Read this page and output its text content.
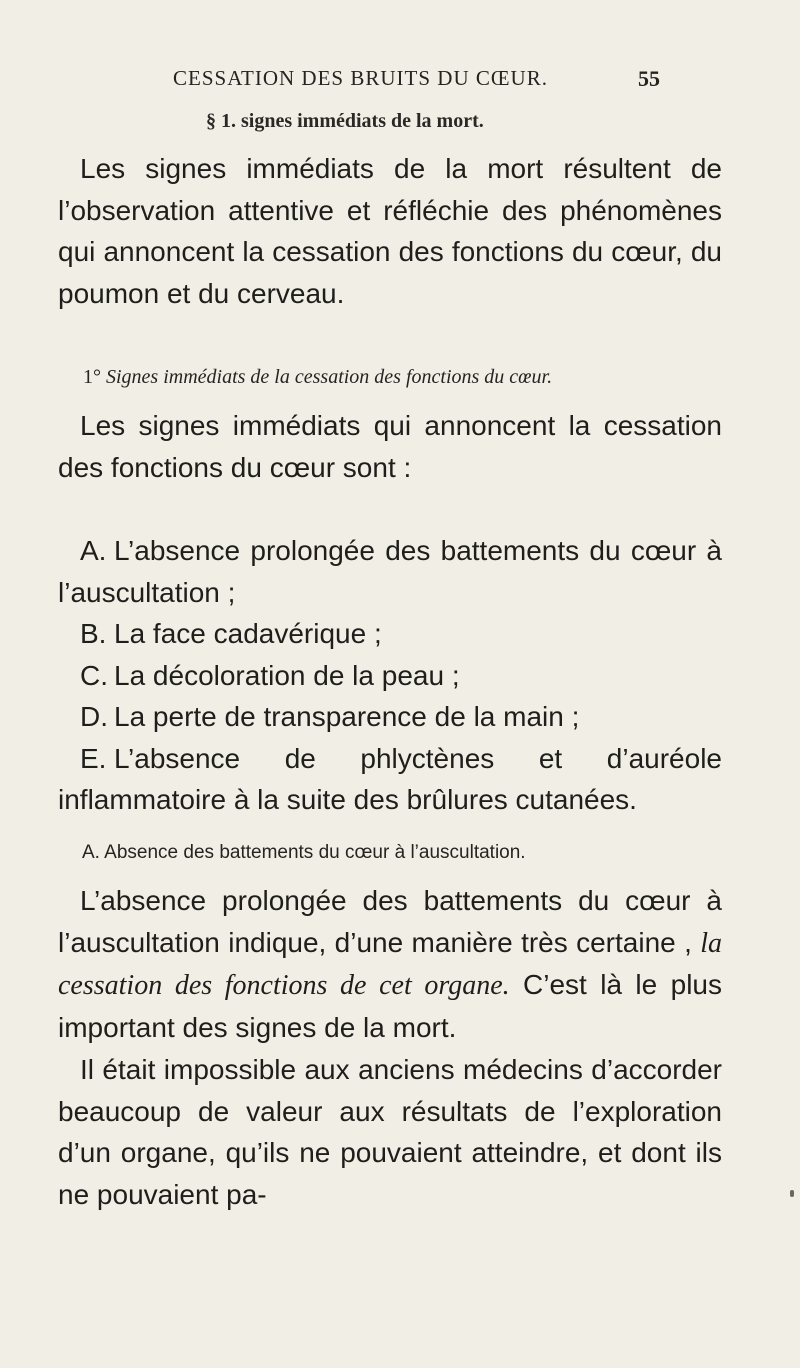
CESSATION DES BRUITS DU CŒUR.	55
§ 1. signes immédiats de la mort.

Les signes immédiats de la mort résultent de l’observation attentive et réfléchie des phénomènes qui annoncent la cessation des fonctions du cœur, du poumon et du cerveau.

1° Signes immédiats de la cessation des fonctions du cœur.

Les signes immédiats qui annoncent la cessation des fonctions du cœur sont :

A. L’absence prolongée des battements du cœur à l’auscultation ;

B. La face cadavérique ;

C. La décoloration de la peau ;

D. La perte de transparence de la main ;

E. L’absence de phlyctènes et d’auréole inflammatoire à la suite des brûlures cutanées.

A. Absence des battements du cœur à l’auscultation.

L’absence prolongée des battements du cœur à l’auscultation indique, d’une manière très certaine , la cessation des fonctions de cet organe. C’est là le plus important des signes de la mort.

Il était impossible aux anciens médecins d’accorder beaucoup de valeur aux résultats de l’exploration d’un organe, qu’ils ne pouvaient atteindre, et dont ils ne pouvaient pa-
